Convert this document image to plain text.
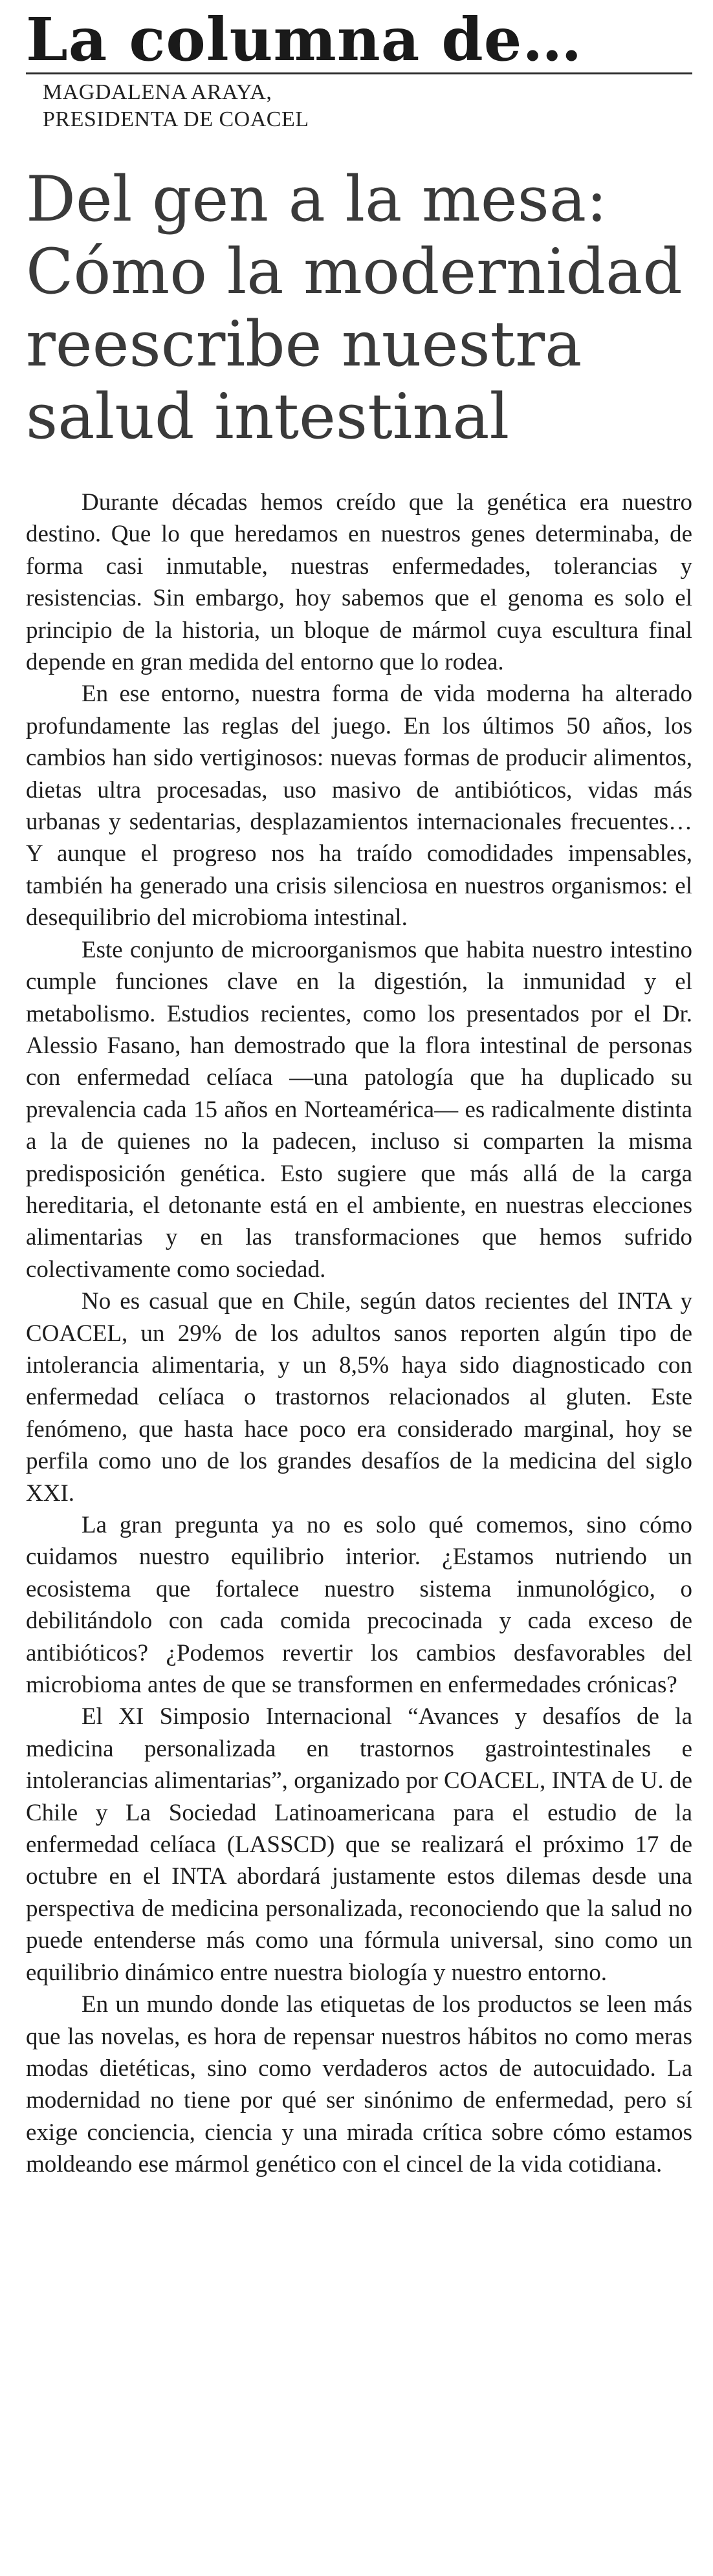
La columna de…
MAGDALENA ARAYA,
PRESIDENTA DE COACEL
Del gen a la mesa:
Cómo la modernidad
reescribe nuestra
salud intestinal

Durante décadas hemos creído que la genética era nuestro destino. Que lo que heredamos en nuestros genes determinaba, de forma casi inmutable, nuestras enfermedades, tolerancias y resistencias. Sin embargo, hoy sabemos que el genoma es solo el principio de la historia, un bloque de mármol cuya escultura final depende en gran medida del entorno que lo rodea.

En ese entorno, nuestra forma de vida moderna ha alterado profundamente las reglas del juego. En los últimos 50 años, los cambios han sido vertiginosos: nuevas formas de producir alimentos, dietas ultra procesadas, uso masivo de antibióticos, vidas más urbanas y sedentarias, desplazamientos internacionales frecuentes… Y aunque el progreso nos ha traído comodidades impensables, también ha generado una crisis silenciosa en nuestros organismos: el desequilibrio del microbioma intestinal.

Este conjunto de microorganismos que habita nuestro intestino cumple funciones clave en la digestión, la inmunidad y el metabolismo. Estudios recientes, como los presentados por el Dr. Alessio Fasano, han demostrado que la flora intestinal de personas con enfermedad celíaca —una patología que ha duplicado su prevalencia cada 15 años en Norteamérica— es radicalmente distinta a la de quienes no la padecen, incluso si comparten la misma predisposición genética. Esto sugiere que más allá de la carga hereditaria, el detonante está en el ambiente, en nuestras elecciones alimentarias y en las transformaciones que hemos sufrido colectivamente como sociedad.

No es casual que en Chile, según datos recientes del INTA y COACEL, un 29% de los adultos sanos reporten algún tipo de intolerancia alimentaria, y un 8,5% haya sido diagnosticado con enfermedad celíaca o trastornos relacionados al gluten. Este fenómeno, que hasta hace poco era considerado marginal, hoy se perfila como uno de los grandes desafíos de la medicina del siglo XXI.

La gran pregunta ya no es solo qué comemos, sino cómo cuidamos nuestro equilibrio interior. ¿Estamos nutriendo un ecosistema que fortalece nuestro sistema inmunológico, o debilitándolo con cada comida precocinada y cada exceso de antibióticos? ¿Podemos revertir los cambios desfavorables del microbioma antes de que se transformen en enfermedades crónicas?

El XI Simposio Internacional “Avances y desafíos de la medicina personalizada en trastornos gastrointestinales e intolerancias alimentarias”, organizado por COACEL, INTA de U. de Chile y La Sociedad Latinoamericana para el estudio de la enfermedad celíaca (LASSCD) que se realizará el próximo 17 de octubre en el INTA abordará justamente estos dilemas desde una perspectiva de medicina personalizada, reconociendo que la salud no puede entenderse más como una fórmula universal, sino como un equilibrio dinámico entre nuestra biología y nuestro entorno.

En un mundo donde las etiquetas de los productos se leen más que las novelas, es hora de repensar nuestros hábitos no como meras modas dietéticas, sino como verdaderos actos de autocuidado. La modernidad no tiene por qué ser sinónimo de enfermedad, pero sí exige conciencia, ciencia y una mirada crítica sobre cómo estamos moldeando ese mármol genético con el cincel de la vida cotidiana.
